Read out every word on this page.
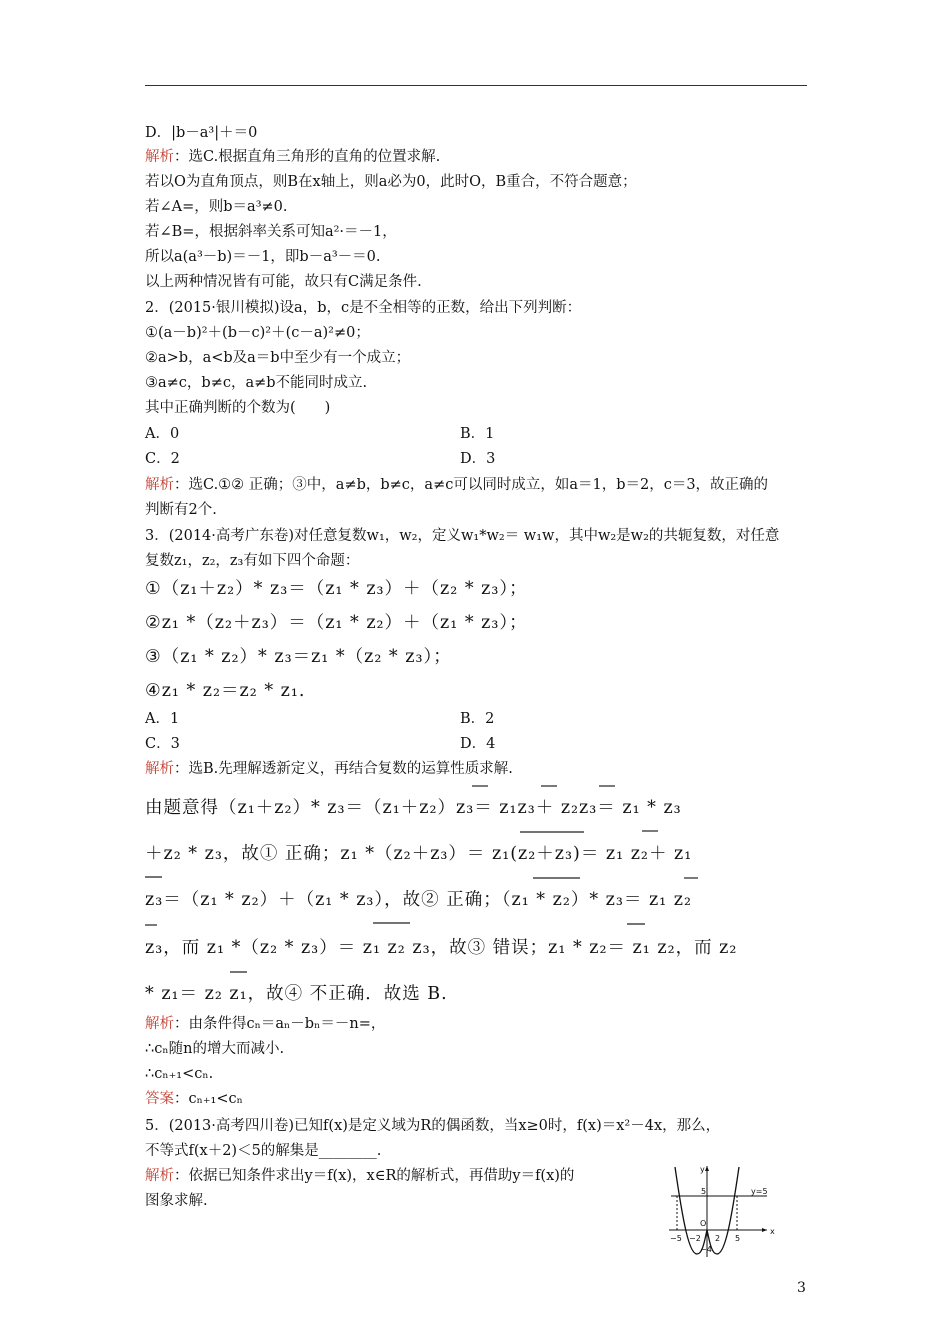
D．|b－a³|＋＝0
解析：选C.根据直角三角形的直角的位置求解.
若以O为直角顶点，则B在x轴上，则a必为0，此时O，B重合，不符合题意；
若∠A=，则b＝a³≠0.
若∠B=，根据斜率关系可知a²·＝－1，
所以a(a³－b)＝－1，即b－a³－＝0.
以上两种情况皆有可能，故只有C满足条件.
2．(2015·银川模拟)设a，b，c是不全相等的正数，给出下列判断：
①(a－b)²＋(b－c)²＋(c－a)²≠0；
②a>b，a<b及a＝b中至少有一个成立；
③a≠c，b≠c，a≠b不能同时成立.
其中正确判断的个数为(　　)
A．0	B．1
C．2	D．3
解析：选C.①② 正确；③中，a≠b，b≠c，a≠c可以同时成立，如a＝1，b＝2，c＝3，故正确的
判断有2个.
3．(2014·高考广东卷)对任意复数w₁，w₂，定义w₁*w₂＝ w₁w，其中w₂是w₂的共轭复数，对任意
复数z₁，z₂，z₃有如下四个命题：
①（z₁＋z₂）* z₃＝（z₁ * z₃）＋（z₂ * z₃）；
②z₁ *（z₂＋z₃）＝（z₁ * z₂）＋（z₁ * z₃）；
③（z₁ * z₂）* z₃＝z₁ *（z₂ * z₃）；
④z₁ * z₂＝z₂ * z₁.
A．1	B．2
C．3	D．4
解析：选B.先理解透新定义，再结合复数的运算性质求解.
由题意得（z₁＋z₂）* z₃＝（z₁＋z₂）z₃＝ z₁z₃＋ z₂z₃＝ z₁ * z₃
＋z₂ * z₃，故① 正确；z₁ *（z₂＋z₃）＝ z₁(z₂＋z₃)＝ z₁ z₂＋ z₁
z₃＝（z₁ * z₂）＋（z₁ * z₃），故② 正确；（z₁ * z₂）* z₃＝ z₁ z₂
z₃，而 z₁ *（z₂ * z₃）＝ z₁ z₂ z₃，故③ 错误；z₁ * z₂＝ z₁ z₂，而 z₂
* z₁＝ z₂ z₁，故④ 不正确．故选 B.
解析：由条件得cₙ＝aₙ－bₙ＝－n=，
∴cₙ随n的增大而减小.
∴cₙ₊₁<cₙ.
答案：cₙ₊₁<cₙ
5．(2013·高考四川卷)已知f(x)是定义域为R的偶函数，当x≥0时，f(x)＝x²－4x，那么，
不等式f(x＋2)＜5的解集是________.
解析：依据已知条件求出y＝f(x)，x∈R的解析式，再借助y＝f(x)的
图象求解.
y
x
5	y=5
O
−5 −2 2 5
−4
3
